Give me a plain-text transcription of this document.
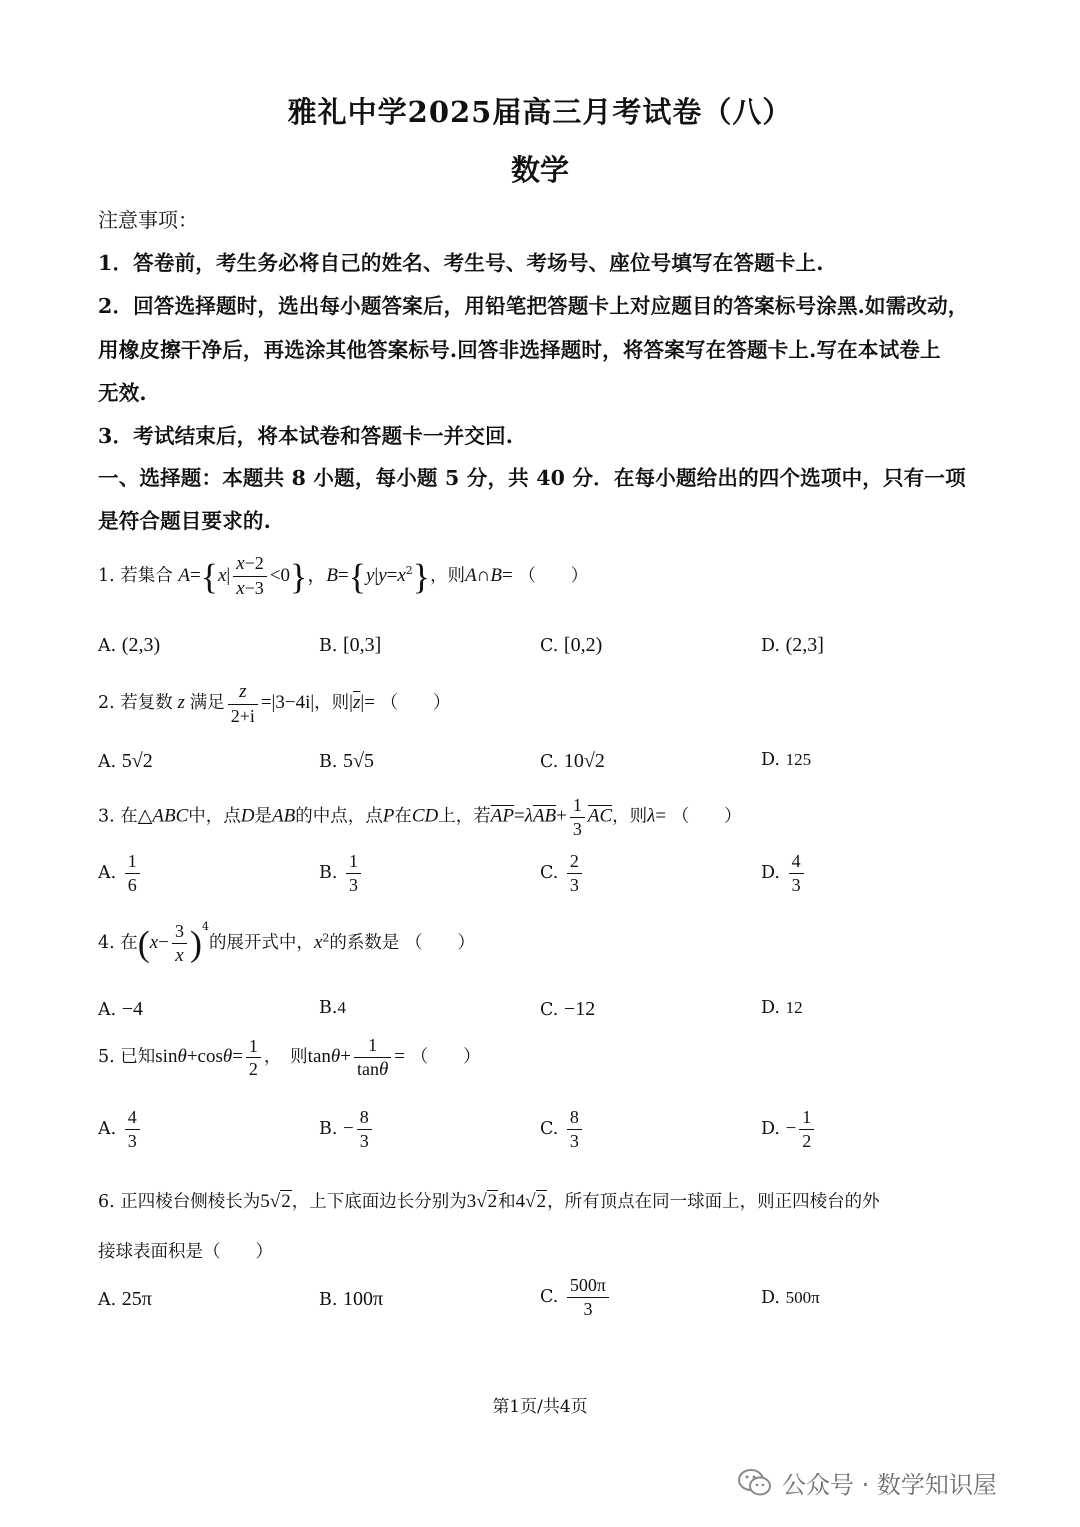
雅礼中学2025届高三月考试卷（八）
数学
注意事项：
1．答卷前，考生务必将自己的姓名、考生号、考场号、座位号填写在答题卡上.
2．回答选择题时，选出每小题答案后，用铅笔把答题卡上对应题目的答案标号涂黑.如需改动，
用橡皮擦干净后，再选涂其他答案标号.回答非选择题时，将答案写在答题卡上.写在本试卷上
无效.
3．考试结束后，将本试卷和答题卡一并交回.
一、选择题：本题共 8 小题，每小题 5 分，共 40 分．在每小题给出的四个选项中，只有一项
是符合题目要求的.
1. 若集合 $A=\{x| \frac{x-2}{x-3} <0\}$，$B=\{y|y=x^2\}$，则A∩B= （　　）
A. (2,3)	B. [0,3]	C. [0,2)	D. (2,3]
2. 若复数 z 满足 $\frac{z}{2+i} =|3-4i|$，则$|\overline{z}|=$ （　　）
A. 5√2	B. 5√5	C. 10√2	D. 125
3. 在△ABC中，点D是AB的中点，点P在CD上，若$\overline{AP}=\lambda\overline{AB}+ \frac{1}{3} \overline{AC}$，则λ= （　　）
A. $\frac{1}{6}$	B. $\frac{1}{3}$	C. $\frac{2}{3}$	D. $\frac{4}{3}$
4. 在$(x- \frac{3}{x} )^4$的展开式中，$x^2$的系数是 （　　）
A. −4	B.4	C. −12	D. 12
5. 已知$\sin\theta+\cos\theta= \frac{1}{2}$ ，　则$\tan\theta+ \frac{1}{\tan\theta}$ = （　　）
A. $\frac{4}{3}$	B. − $\frac{8}{3}$	C. $\frac{8}{3}$	D. − $\frac{1}{2}$
6. 正四棱台侧棱长为5√2，上下底面边长分别为3√2和4√2，所有顶点在同一球面上，则正四棱台的外
接球表面积是（　　）
A. 25π	B. 100π	C. $\frac{500\pi}{3}$	D. 500π
第1页/共4页
公众号 · 数学知识屋
